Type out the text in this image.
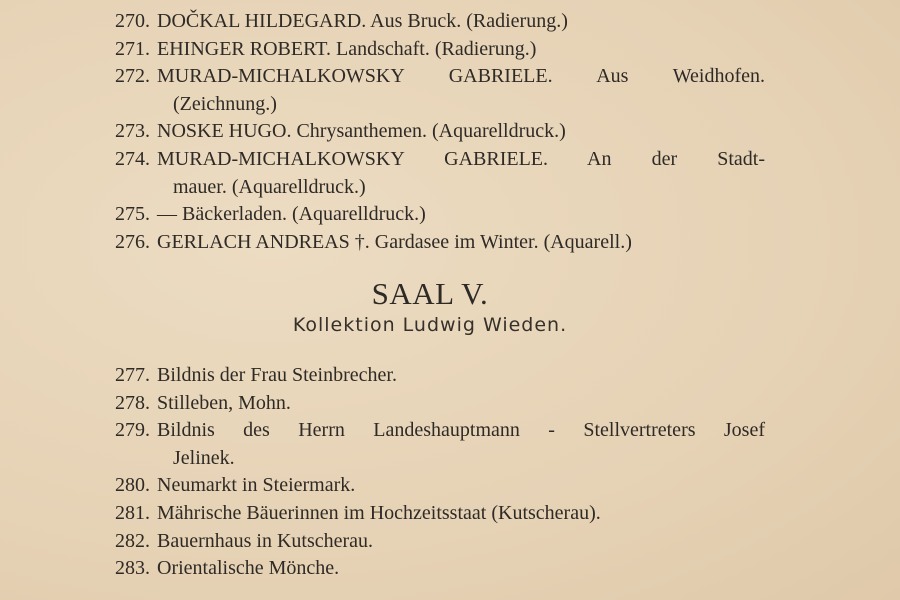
270. DOČKAL HILDEGARD. Aus Bruck. (Radierung.)
271. EHINGER ROBERT. Landschaft. (Radierung.)
272. MURAD-MICHALKOWSKY GABRIELE. Aus Weidhofen.
(Zeichnung.)
273. NOSKE HUGO. Chrysanthemen. (Aquarelldruck.)
274. MURAD-MICHALKOWSKY GABRIELE. An der Stadt-
mauer. (Aquarelldruck.)
275. — Bäckerladen. (Aquarelldruck.)
276. GERLACH ANDREAS †. Gardasee im Winter. (Aquarell.)
SAAL V.
Kollektion Ludwig Wieden.
277. Bildnis der Frau Steinbrecher.
278. Stilleben, Mohn.
279. Bildnis des Herrn Landeshauptmann - Stellvertreters Josef
Jelinek.
280. Neumarkt in Steiermark.
281. Mährische Bäuerinnen im Hochzeitsstaat (Kutscherau).
282. Bauernhaus in Kutscherau.
283. Orientalische Mönche.
